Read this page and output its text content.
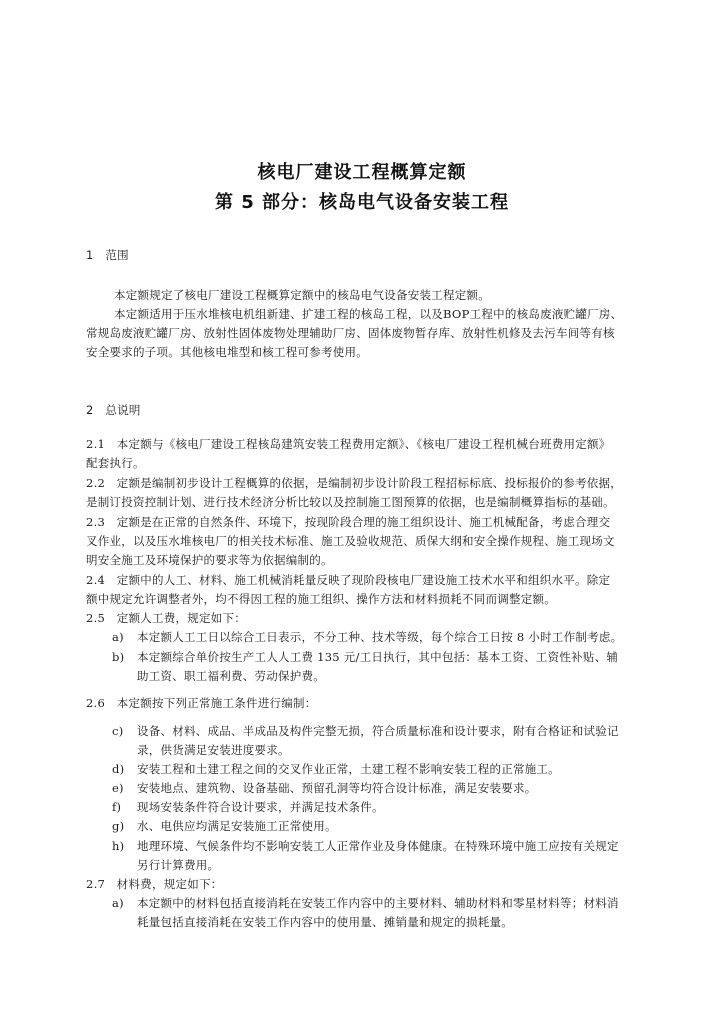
核电厂建设工程概算定额
第 5 部分：核岛电气设备安装工程
1　范围
本定额规定了核电厂建设工程概算定额中的核岛电气设备安装工程定额。
本定额适用于压水堆核电机组新建、扩建工程的核岛工程，以及BOP工程中的核岛废液贮罐厂房、
常规岛废液贮罐厂房、放射性固体废物处理辅助厂房、固体废物暂存库、放射性机修及去污车间等有核
安全要求的子项。其他核电堆型和核工程可参考使用。
2　总说明
2.1　本定额与《核电厂建设工程核岛建筑安装工程费用定额》、《核电厂建设工程机械台班费用定额》
配套执行。
2.2　定额是编制初步设计工程概算的依据，是编制初步设计阶段工程招标标底、投标报价的参考依据，
是制订投资控制计划、进行技术经济分析比较以及控制施工图预算的依据，也是编制概算指标的基础。
2.3　定额是在正常的自然条件、环境下，按现阶段合理的施工组织设计、施工机械配备，考虑合理交
叉作业，以及压水堆核电厂的相关技术标准、施工及验收规范、质保大纲和安全操作规程、施工现场文
明安全施工及环境保护的要求等为依据编制的。
2.4　定额中的人工、材料、施工机械消耗量反映了现阶段核电厂建设施工技术水平和组织水平。除定
额中规定允许调整者外，均不得因工程的施工组织、操作方法和材料损耗不同而调整定额。
2.5　定额人工费，规定如下：
a) 本定额人工工日以综合工日表示，不分工种、技术等级，每个综合工日按 8 小时工作制考虑。
b) 本定额综合单价按生产工人人工费 135 元/工日执行，其中包括：基本工资、工资性补贴、辅
助工资、职工福利费、劳动保护费。
2.6　本定额按下列正常施工条件进行编制：
c) 设备、材料、成品、半成品及构件完整无损，符合质量标准和设计要求，附有合格证和试验记
录，供货满足安装进度要求。
d) 安装工程和土建工程之间的交叉作业正常，土建工程不影响安装工程的正常施工。
e) 安装地点、建筑物、设备基础、预留孔洞等均符合设计标准，满足安装要求。
f) 现场安装条件符合设计要求，并满足技术条件。
g) 水、电供应均满足安装施工正常使用。
h) 地理环境、气候条件均不影响安装工人正常作业及身体健康。在特殊环境中施工应按有关规定
另行计算费用。
2.7　材料费，规定如下：
a) 本定额中的材料包括直接消耗在安装工作内容中的主要材料、辅助材料和零星材料等；材料消
耗量包括直接消耗在安装工作内容中的使用量、摊销量和规定的损耗量。
